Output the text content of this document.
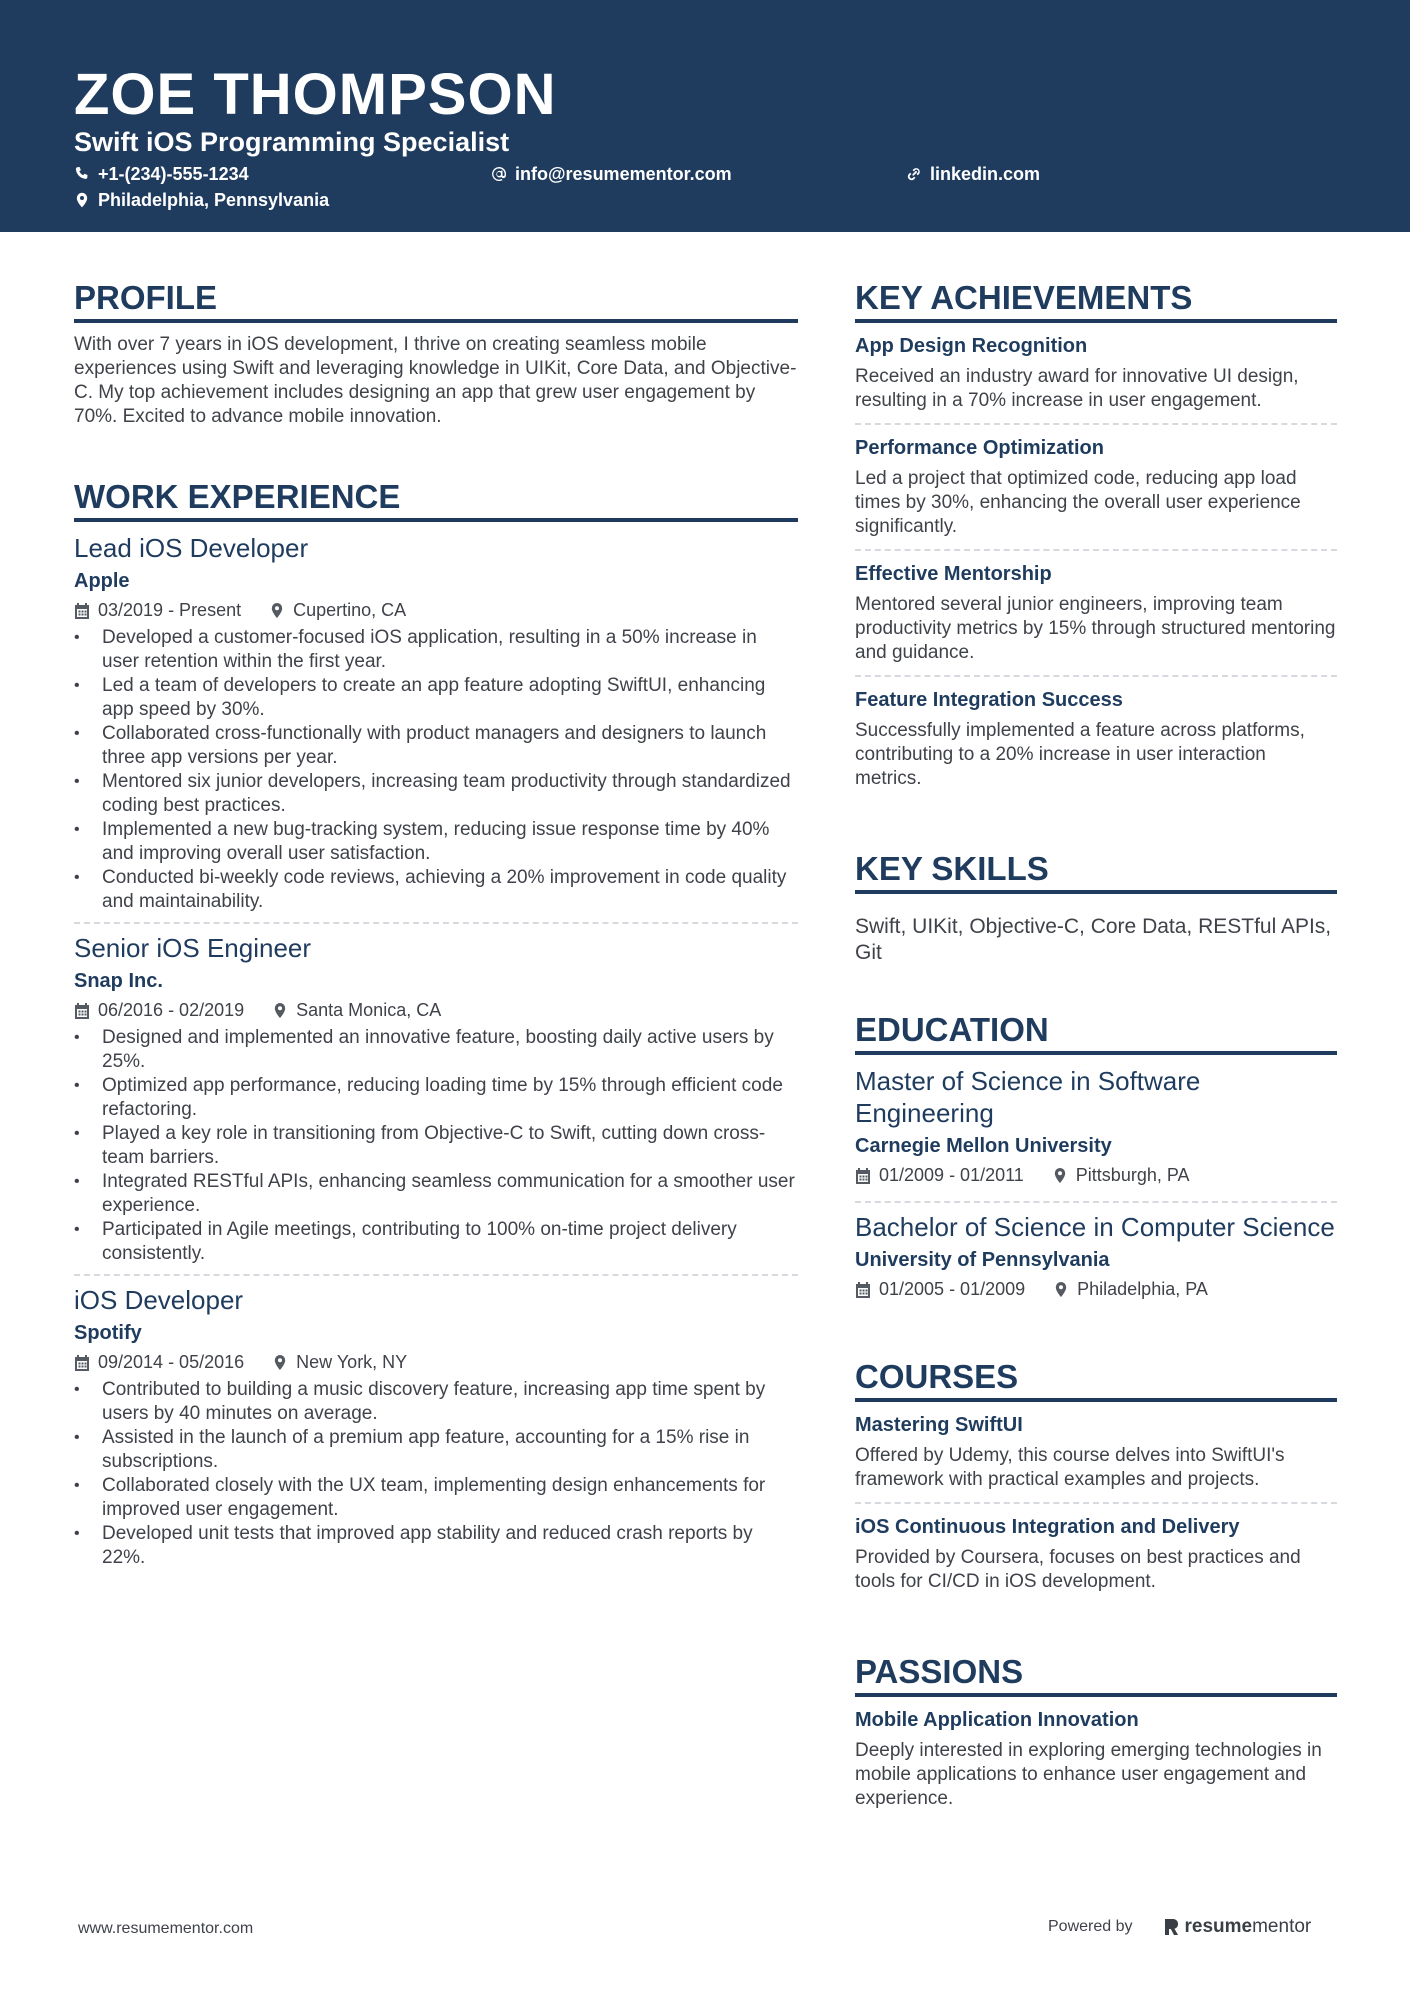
ZOE THOMPSON
Swift iOS Programming Specialist
+1-(234)-555-1234	info@resumementor.com	linkedin.com
Philadelphia, Pennsylvania
PROFILE
With over 7 years in iOS development, I thrive on creating seamless mobile experiences using Swift and leveraging knowledge in UIKit, Core Data, and Objective-C. My top achievement includes designing an app that grew user engagement by 70%. Excited to advance mobile innovation.
WORK EXPERIENCE
Lead iOS Developer
Apple
03/2019 - Present	Cupertino, CA
• Developed a customer-focused iOS application, resulting in a 50% increase in user retention within the first year.
• Led a team of developers to create an app feature adopting SwiftUI, enhancing app speed by 30%.
• Collaborated cross-functionally with product managers and designers to launch three app versions per year.
• Mentored six junior developers, increasing team productivity through standardized coding best practices.
• Implemented a new bug-tracking system, reducing issue response time by 40% and improving overall user satisfaction.
• Conducted bi-weekly code reviews, achieving a 20% improvement in code quality and maintainability.
Senior iOS Engineer
Snap Inc.
06/2016 - 02/2019	Santa Monica, CA
• Designed and implemented an innovative feature, boosting daily active users by 25%.
• Optimized app performance, reducing loading time by 15% through efficient code refactoring.
• Played a key role in transitioning from Objective-C to Swift, cutting down cross-team barriers.
• Integrated RESTful APIs, enhancing seamless communication for a smoother user experience.
• Participated in Agile meetings, contributing to 100% on-time project delivery consistently.
iOS Developer
Spotify
09/2014 - 05/2016	New York, NY
• Contributed to building a music discovery feature, increasing app time spent by users by 40 minutes on average.
• Assisted in the launch of a premium app feature, accounting for a 15% rise in subscriptions.
• Collaborated closely with the UX team, implementing design enhancements for improved user engagement.
• Developed unit tests that improved app stability and reduced crash reports by 22%.
KEY ACHIEVEMENTS
App Design Recognition
Received an industry award for innovative UI design, resulting in a 70% increase in user engagement.
Performance Optimization
Led a project that optimized code, reducing app load times by 30%, enhancing the overall user experience significantly.
Effective Mentorship
Mentored several junior engineers, improving team productivity metrics by 15% through structured mentoring and guidance.
Feature Integration Success
Successfully implemented a feature across platforms, contributing to a 20% increase in user interaction metrics.
KEY SKILLS
Swift, UIKit, Objective-C, Core Data, RESTful APIs, Git
EDUCATION
Master of Science in Software Engineering
Carnegie Mellon University
01/2009 - 01/2011	Pittsburgh, PA
Bachelor of Science in Computer Science
University of Pennsylvania
01/2005 - 01/2009	Philadelphia, PA
COURSES
Mastering SwiftUI
Offered by Udemy, this course delves into SwiftUI's framework with practical examples and projects.
iOS Continuous Integration and Delivery
Provided by Coursera, focuses on best practices and tools for CI/CD in iOS development.
PASSIONS
Mobile Application Innovation
Deeply interested in exploring emerging technologies in mobile applications to enhance user engagement and experience.
www.resumementor.com	Powered by	resume mentor
